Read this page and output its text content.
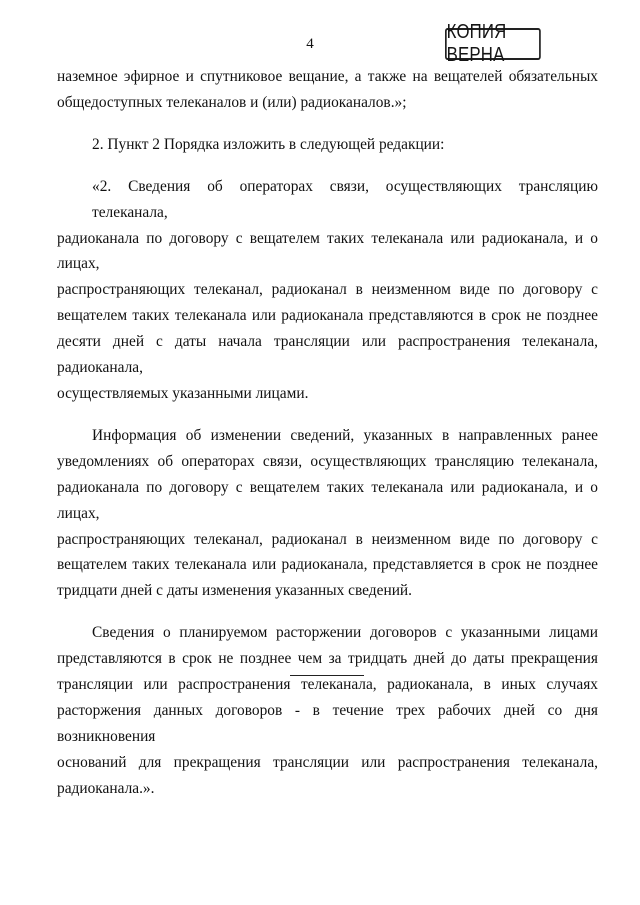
4
КОПИЯ ВЕРНА

наземное эфирное и спутниковое вещание, а также на вещателей обязательных
общедоступных телеканалов и (или) радиоканалов.»;

2. Пункт 2 Порядка изложить в следующей редакции:

«2. Сведения об операторах связи, осуществляющих трансляцию телеканала,
радиоканала по договору с вещателем таких телеканала или радиоканала, и о лицах,
распространяющих телеканал, радиоканал в неизменном виде по договору с
вещателем таких телеканала или радиоканала представляются в срок не позднее
десяти дней с даты начала трансляции или распространения телеканала, радиоканала,
осуществляемых указанными лицами.

Информация об изменении сведений, указанных в направленных ранее
уведомлениях об операторах связи, осуществляющих трансляцию телеканала,
радиоканала по договору с вещателем таких телеканала или радиоканала, и о лицах,
распространяющих телеканал, радиоканал в неизменном виде по договору с
вещателем таких телеканала или радиоканала, представляется в срок не позднее
тридцати дней с даты изменения указанных сведений.

Сведения о планируемом расторжении договоров с указанными лицами
представляются в срок не позднее чем за тридцать дней до даты прекращения
трансляции или распространения телеканала, радиоканала, в иных случаях
расторжения данных договоров - в течение трех рабочих дней со дня возникновения
оснований для прекращения трансляции или распространения телеканала,
радиоканала.».
